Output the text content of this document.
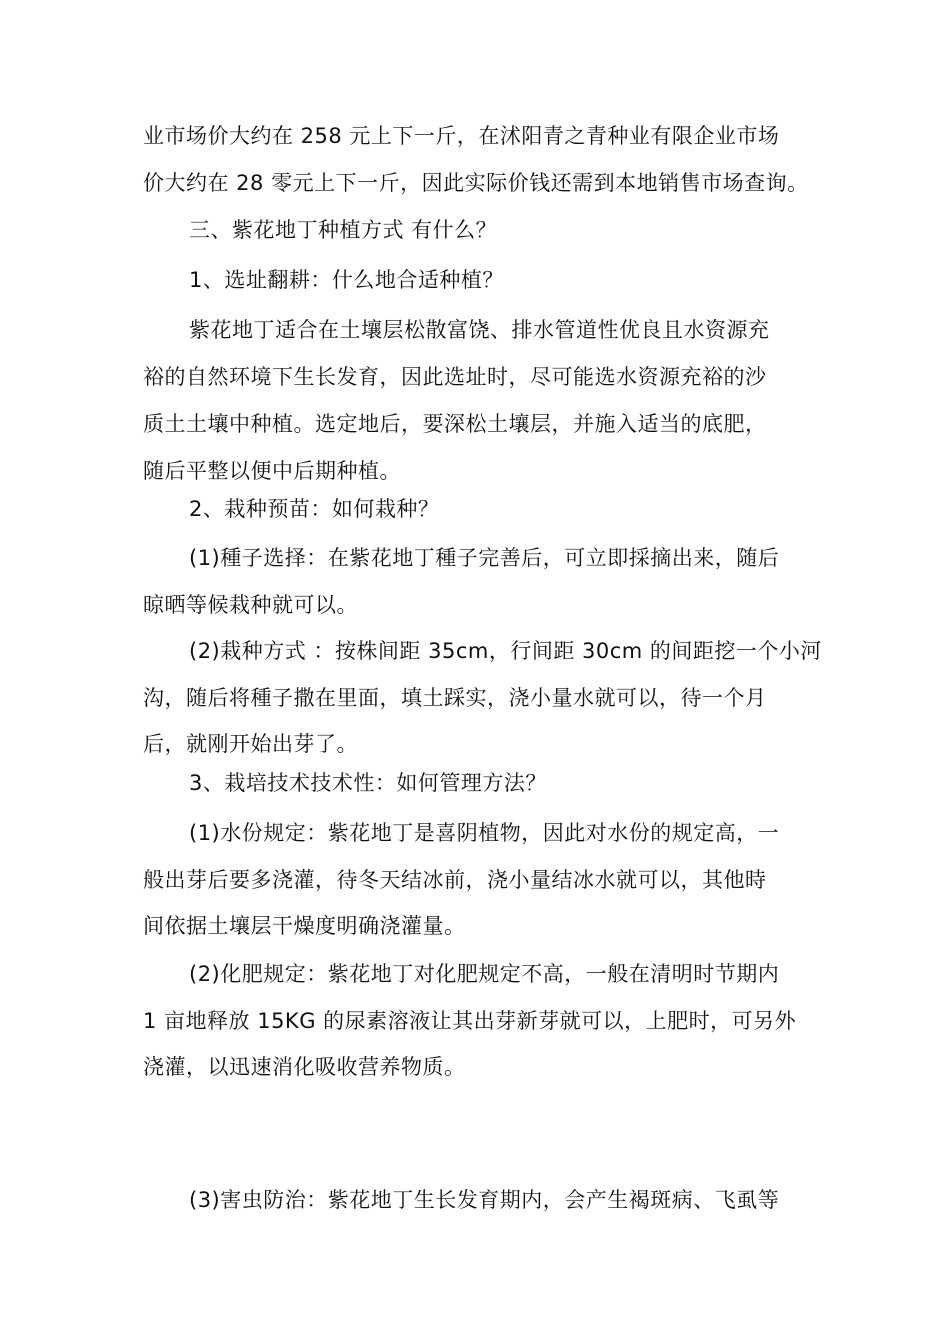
业市场价大约在 258 元上下一斤，在沭阳青之青种业有限企业市场
价大约在 28 零元上下一斤，因此实际价钱还需到本地销售市场查询。
三、紫花地丁种植方式 有什么？
1、选址翻耕：什么地合适种植？
紫花地丁适合在土壤层松散富饶、排水管道性优良且水资源充
裕的自然环境下生长发育，因此选址时，尽可能选水资源充裕的沙
质土土壤中种植。选定地后，要深松土壤层，并施入适当的底肥，
随后平整以便中后期种植。
2、栽种预苗：如何栽种？
(1)種子选择：在紫花地丁種子完善后，可立即採摘出来，随后
晾晒等候栽种就可以。
(2)栽种方式 ：按株间距 35cm，行间距 30cm 的间距挖一个小河
沟，随后将種子撒在里面，填土踩实，浇小量水就可以，待一个月
后，就刚开始出芽了。
3、栽培技术技术性：如何管理方法？
(1)水份规定：紫花地丁是喜阴植物，因此对水份的规定高，一
般出芽后要多浇灌，待冬天结冰前，浇小量结冰水就可以，其他時
间依据土壤层干燥度明确浇灌量。
(2)化肥规定：紫花地丁对化肥规定不高，一般在清明时节期内
1 亩地释放 15KG 的尿素溶液让其出芽新芽就可以，上肥时，可另外
浇灌，以迅速消化吸收营养物质。
(3)害虫防治：紫花地丁生长发育期内，会产生褐斑病、飞虱等
